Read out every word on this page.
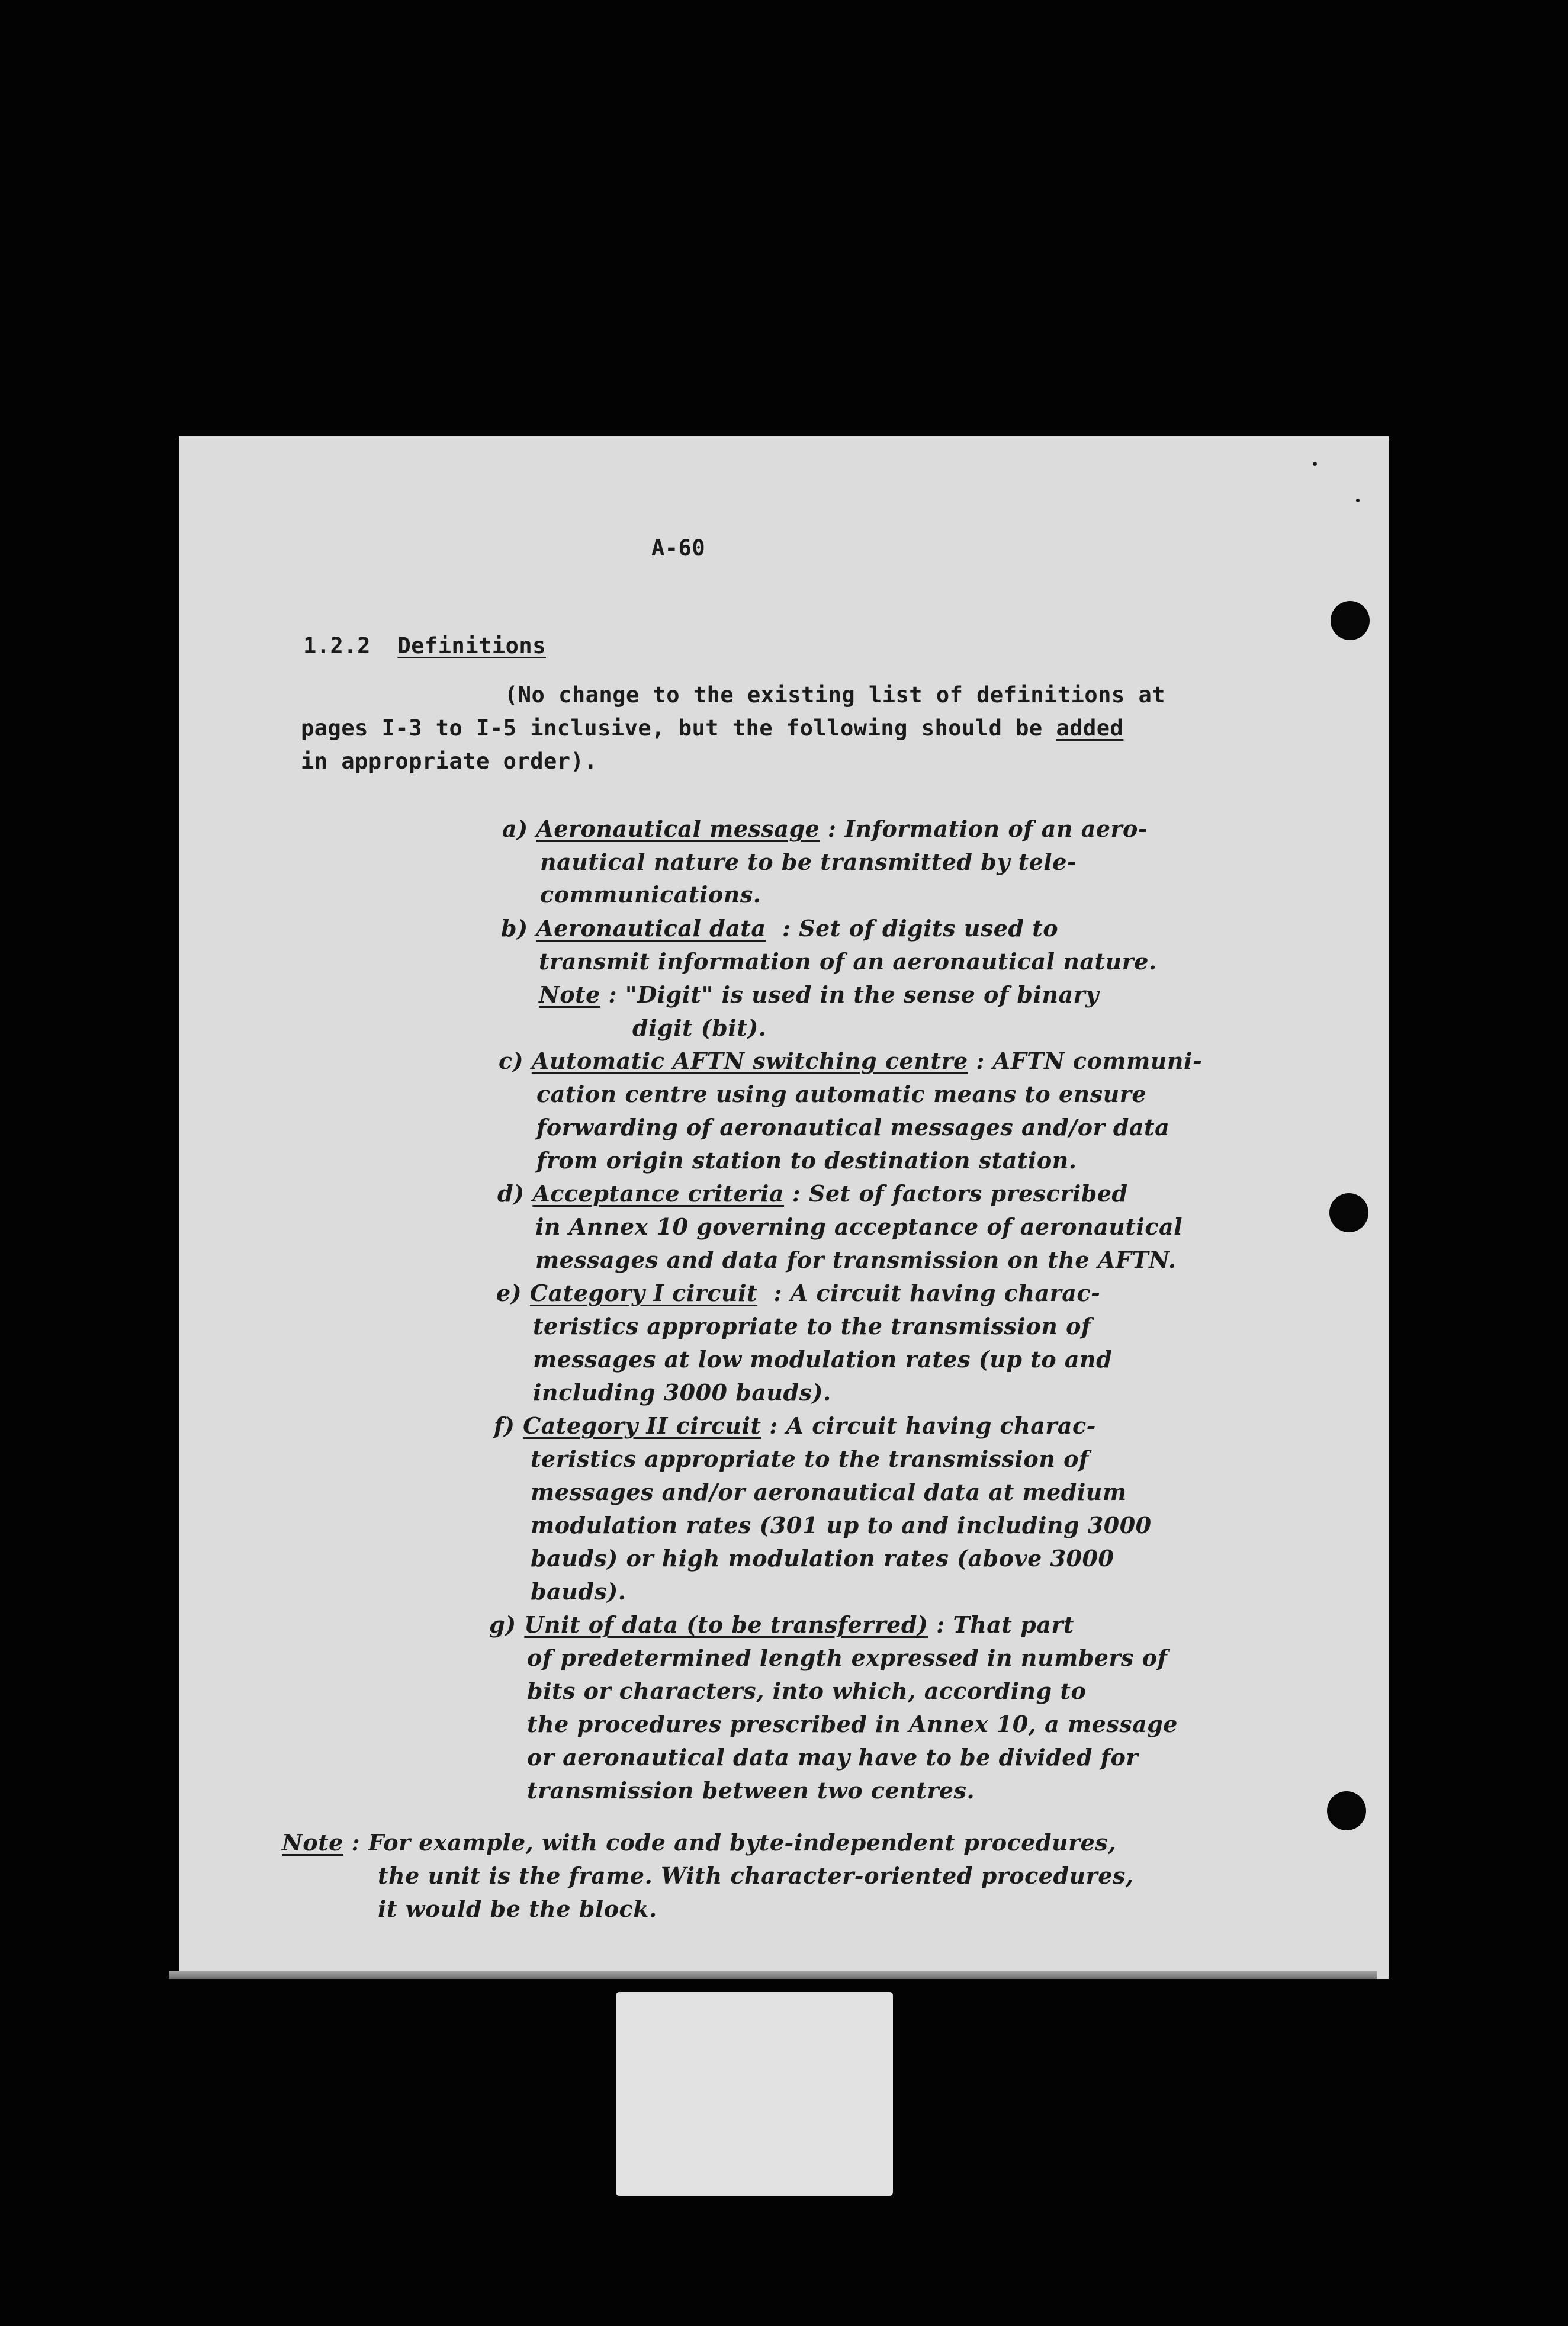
A-60
1.2.2 Definitions
(No change to the existing list of definitions at
pages I-3 to I-5 inclusive, but the following should be added
in appropriate order).
a) Aeronautical message : Information of an aero-
nautical nature to be transmitted by tele-
communications.
b) Aeronautical data  : Set of digits used to
transmit information of an aeronautical nature.
Note : "Digit" is used in the sense of binary
digit (bit).
c) Automatic AFTN switching centre : AFTN communi-
cation centre using automatic means to ensure
forwarding of aeronautical messages and/or data
from origin station to destination station.
d) Acceptance criteria : Set of factors prescribed
in Annex 10 governing acceptance of aeronautical
messages and data for transmission on the AFTN.
e) Category I circuit  : A circuit having charac-
teristics appropriate to the transmission of
messages at low modulation rates (up to and
including 3000 bauds).
f) Category II circuit : A circuit having charac-
teristics appropriate to the transmission of
messages and/or aeronautical data at medium
modulation rates (301 up to and including 3000
bauds) or high modulation rates (above 3000
bauds).
g) Unit of data (to be transferred) : That part
of predetermined length expressed in numbers of
bits or characters, into which, according to
the procedures prescribed in Annex 10, a message
or aeronautical data may have to be divided for
transmission between two centres.
Note : For example, with code and byte-independent procedures,
the unit is the frame. With character-oriented procedures,
it would be the block.
